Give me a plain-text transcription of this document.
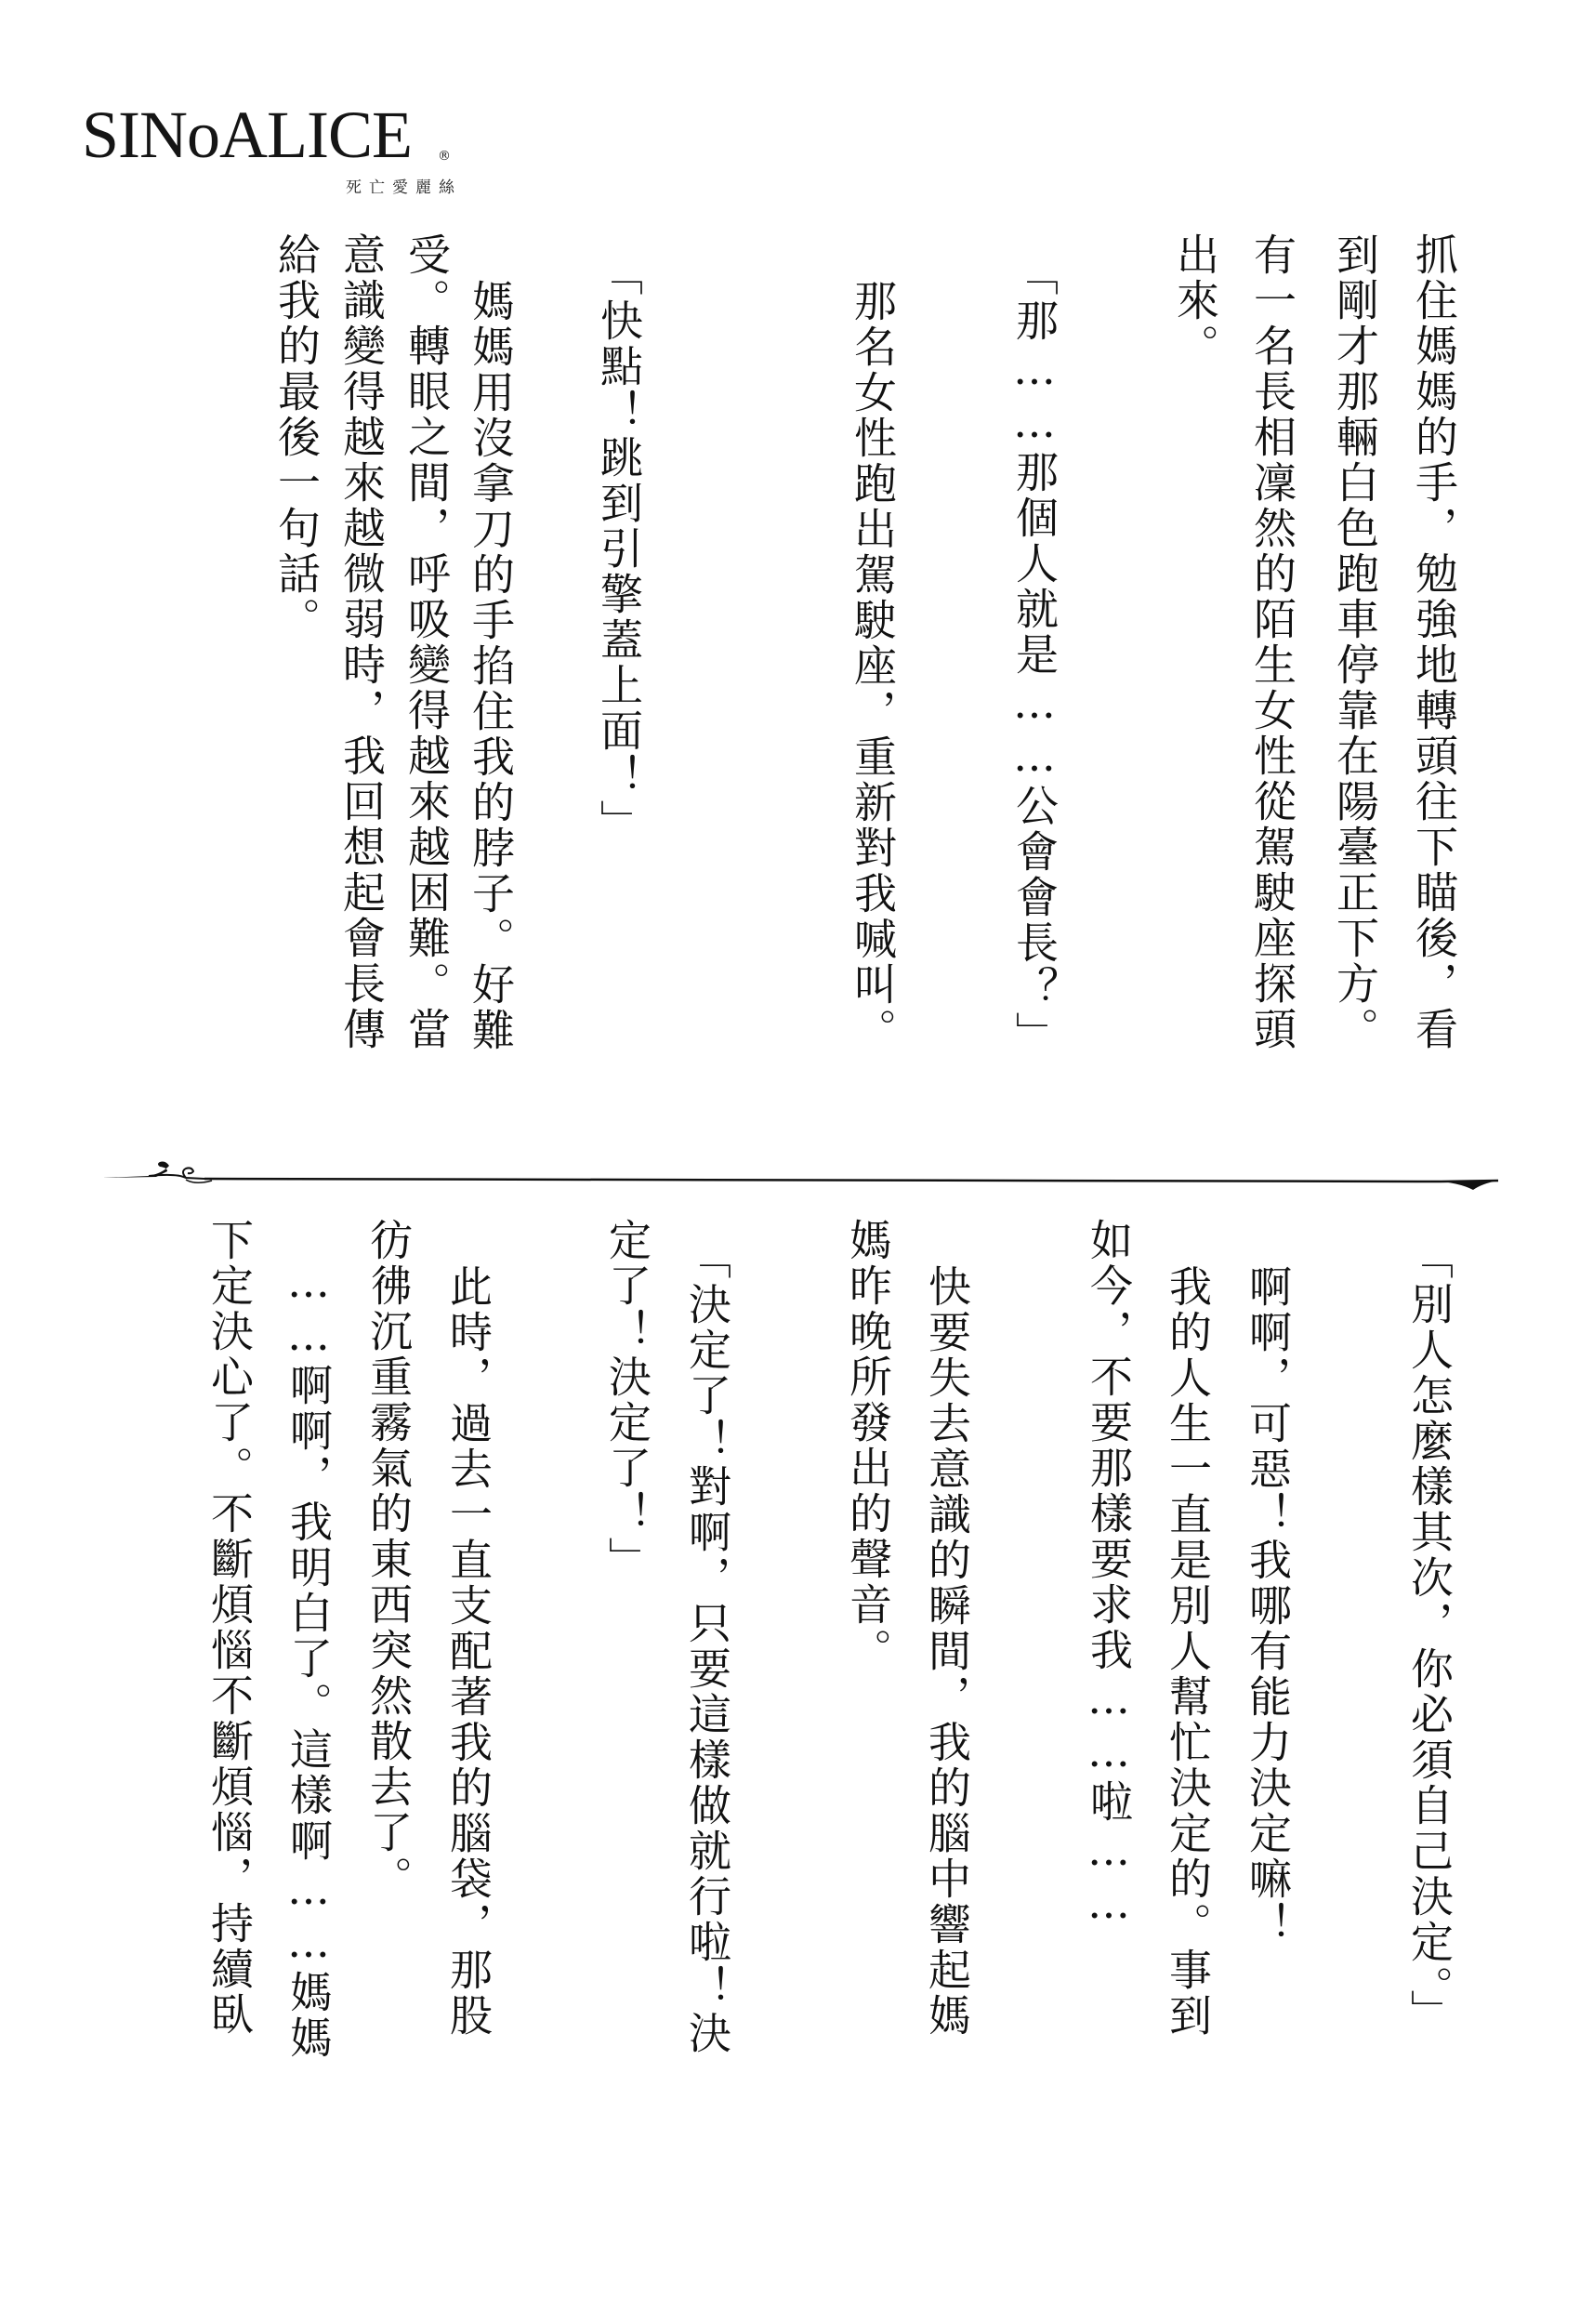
SINoALICE ®
死亡愛麗絲
抓住媽媽的手，勉強地轉頭往下瞄後，看
到剛才那輛白色跑車停靠在陽臺正下方。
有一名長相凜然的陌生女性從駕駛座探頭
出來。
「那……那個人就是……公會會長？」
那名女性跑出駕駛座，重新對我喊叫。
「快點！跳到引擎蓋上面！」
媽媽用沒拿刀的手掐住我的脖子。好難
受。轉眼之間，呼吸變得越來越困難。當
意識變得越來越微弱時，我回想起會長傳
給我的最後一句話。
「別人怎麼樣其次，你必須自己決定。」
啊啊，可惡！我哪有能力決定嘛！
我的人生一直是別人幫忙決定的。事到
如今，不要那樣要求我……啦……
快要失去意識的瞬間，我的腦中響起媽
媽昨晚所發出的聲音。
「決定了！對啊，只要這樣做就行啦！決
定了！決定了！」
此時，過去一直支配著我的腦袋，那股
彷彿沉重霧氣的東西突然散去了。
……啊啊，我明白了。這樣啊……媽媽
下定決心了。不斷煩惱不斷煩惱，持續臥
